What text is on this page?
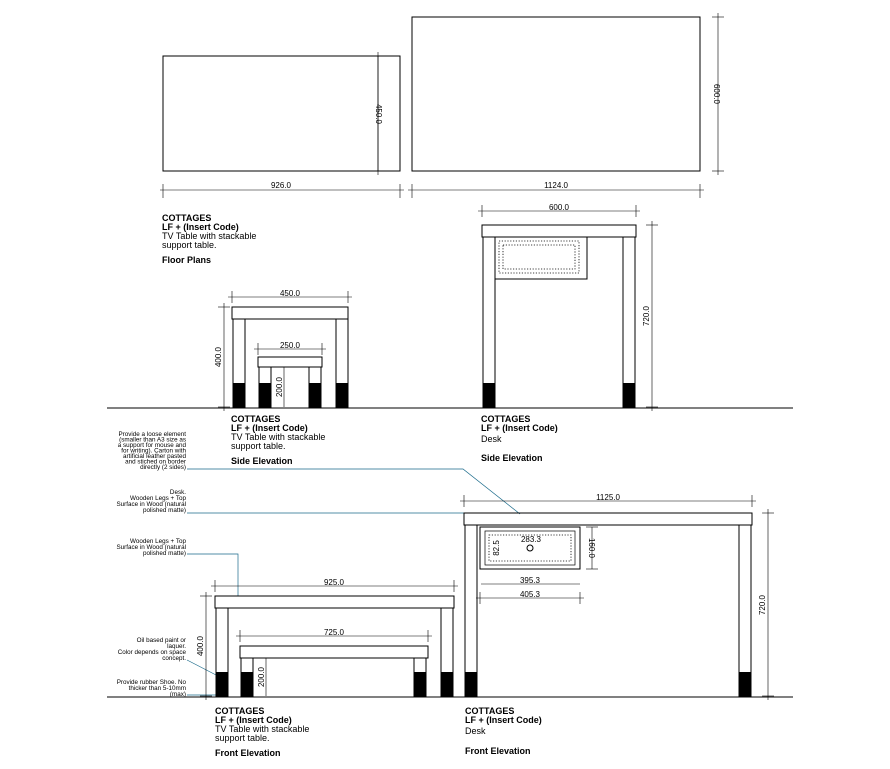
450.0
926.0
600.0
1124.0
COTTAGES
LF + (Insert Code)
TV Table with stackable
support table.
Floor Plans
600.0
720.0
450.0
250.0
200.0
400.0
COTTAGES
LF + (Insert Code)
TV Table with stackable
support table.
Side Elevation
COTTAGES
LF + (Insert Code)
Desk
Side Elevation
Provide a loose element
(smaller than A3 size as
a support for mouse and
for writing). Carton with
artificial leather pasted
and stiched on border
directly (2 sides)
Desk.
Wooden Legs + Top
Surface in Wood (natural
polished matte)
Wooden Legs + Top
Surface in Wood (natural
polished matte)
Oil based paint or
laquer.
Color depends on space
concept.
Provide rubber Shoe. No
thicker than 5-10mm
(max)
925.0
725.0
200.0
400.0
1125.0
283.3
82.5	160.0
395.3
405.3
720.0
COTTAGES
LF + (Insert Code)
TV Table with stackable
support table.
Front Elevation
COTTAGES
LF + (Insert Code)
Desk
Front Elevation
